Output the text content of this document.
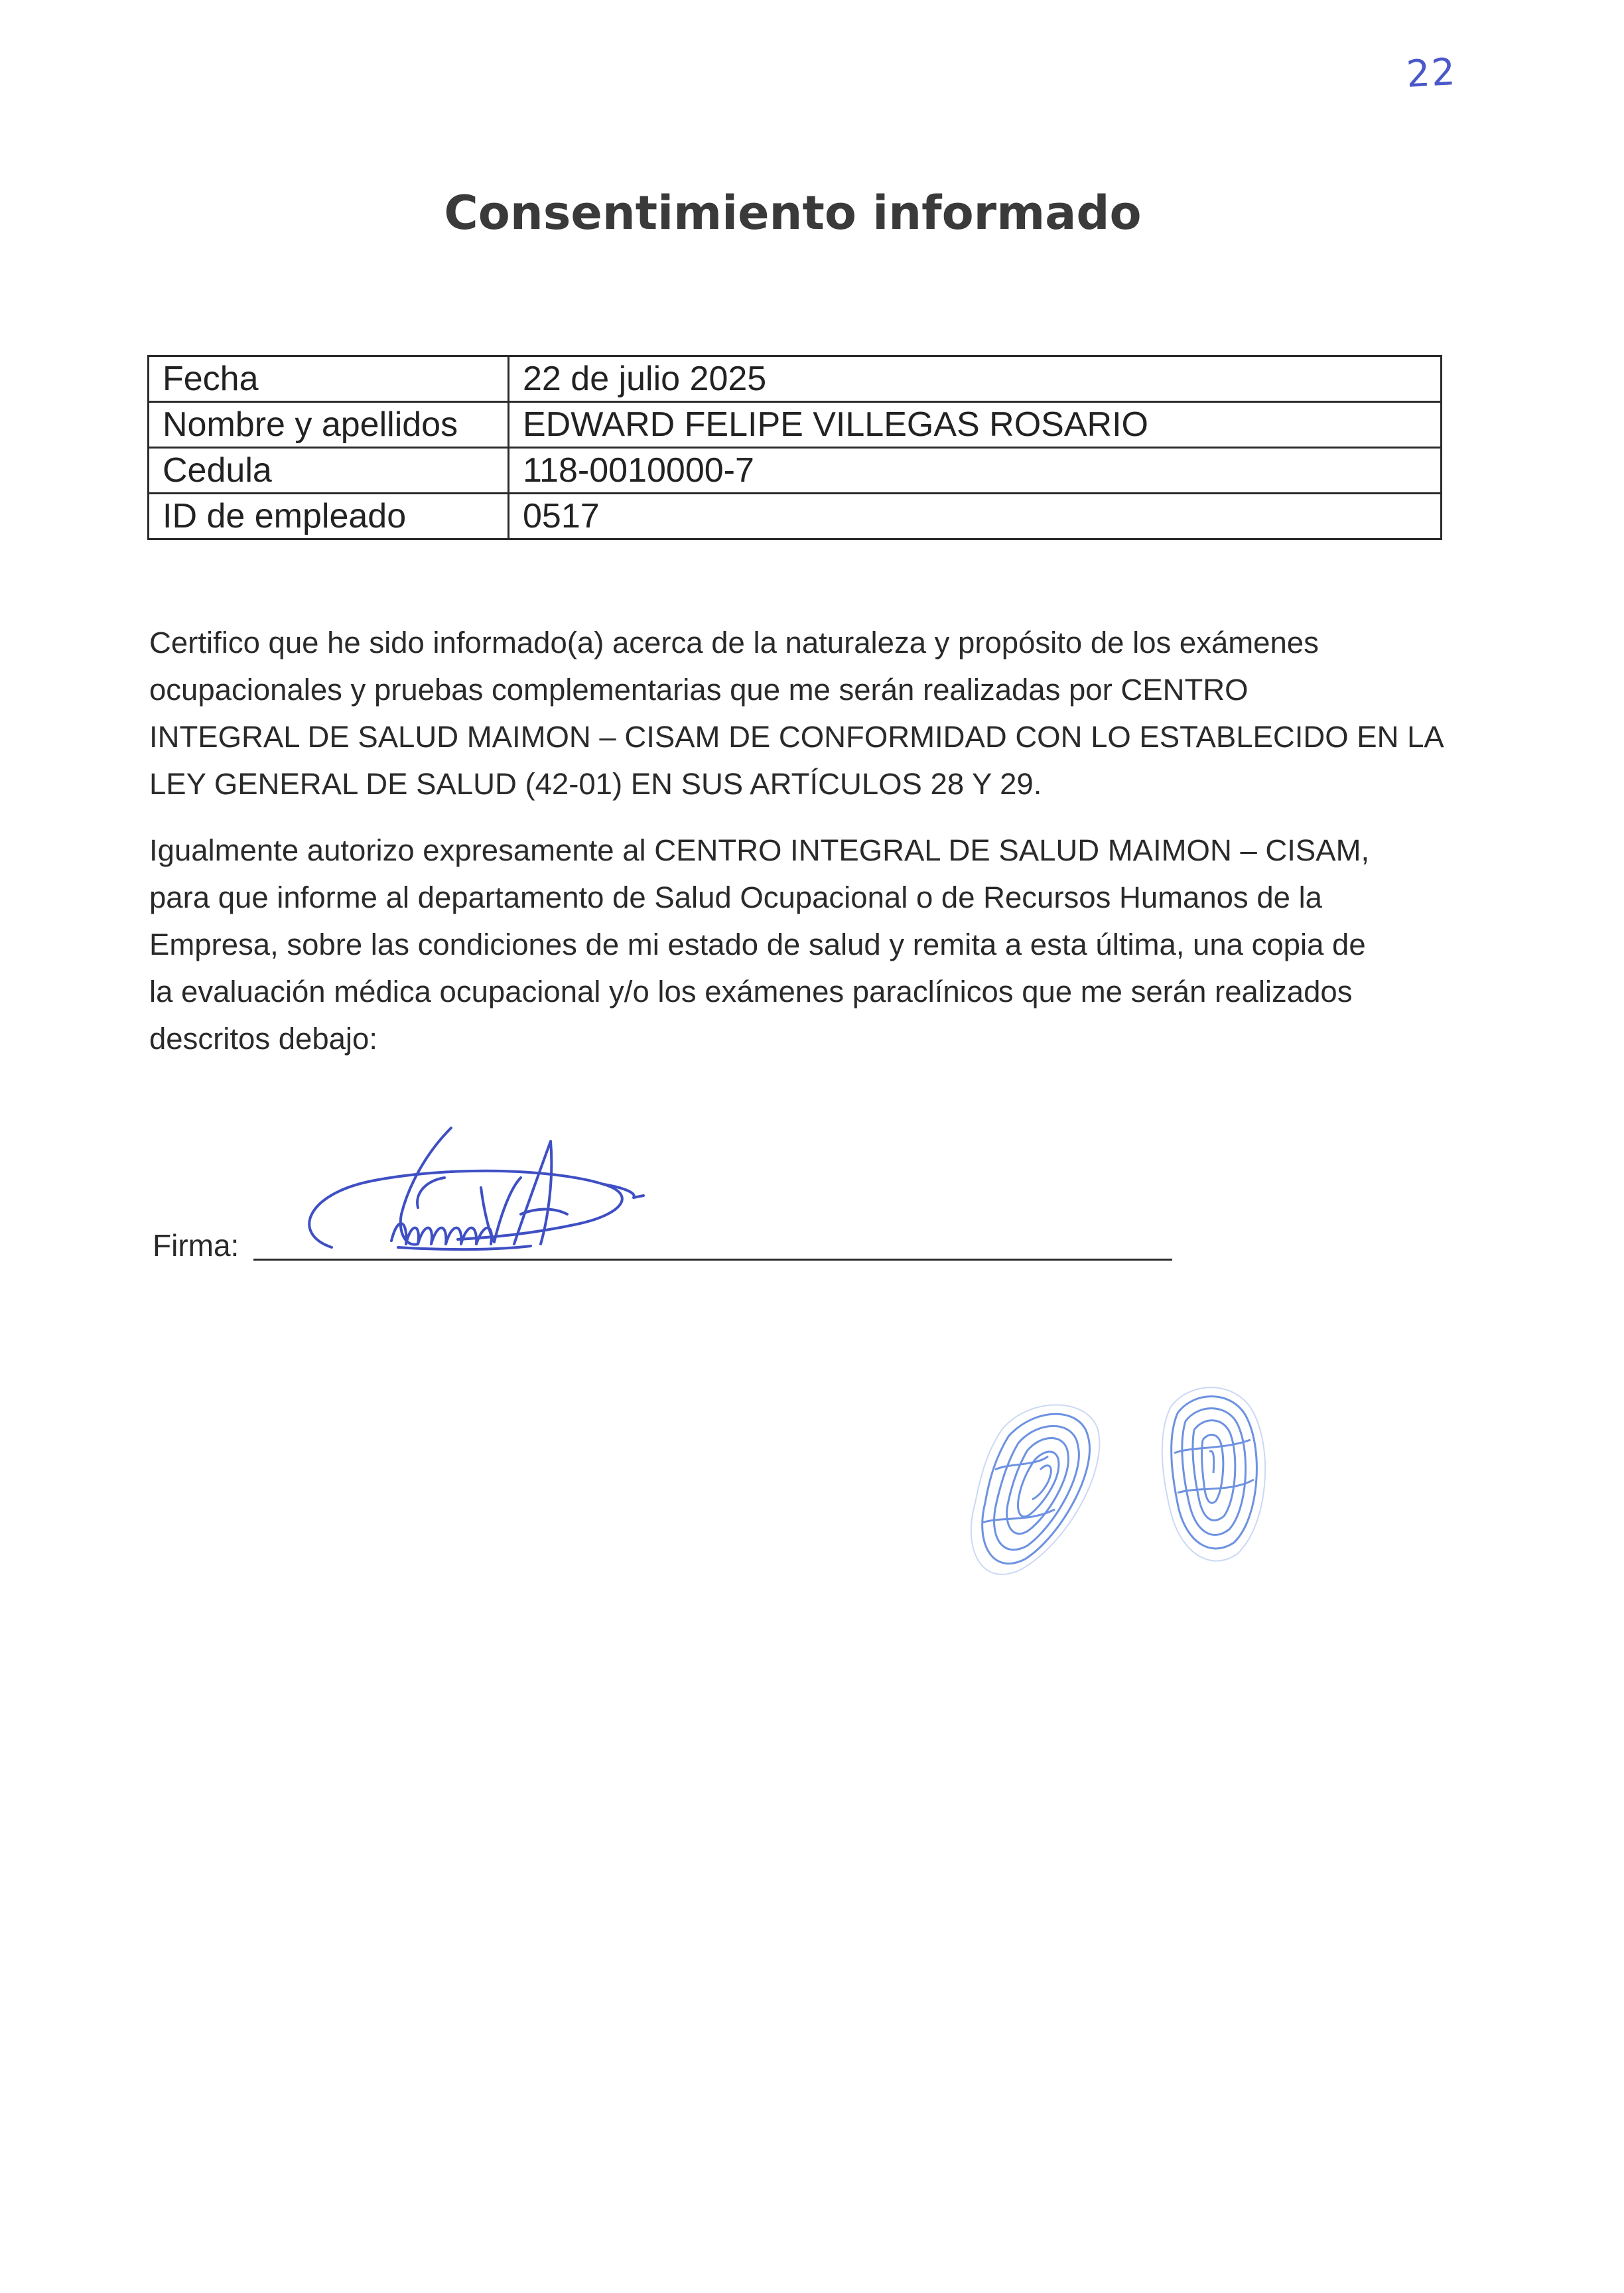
22
Consentimiento informado
Fecha	22 de julio 2025
Nombre y apellidos	EDWARD FELIPE VILLEGAS ROSARIO
Cedula	118-0010000-7
ID de empleado	0517
Certifico que he sido informado(a) acerca de la naturaleza y propósito de los exámenes
ocupacionales y pruebas complementarias que me serán realizadas por CENTRO
INTEGRAL DE SALUD MAIMON – CISAM DE CONFORMIDAD CON LO ESTABLECIDO EN LA
LEY GENERAL DE SALUD (42-01) EN SUS ARTÍCULOS 28 Y 29.
Igualmente autorizo expresamente al CENTRO INTEGRAL DE SALUD MAIMON – CISAM,
para que informe al departamento de Salud Ocupacional o de Recursos Humanos de la
Empresa, sobre las condiciones de mi estado de salud y remita a esta última, una copia de
la evaluación médica ocupacional y/o los exámenes paraclínicos que me serán realizados
descritos debajo:
Firma:
